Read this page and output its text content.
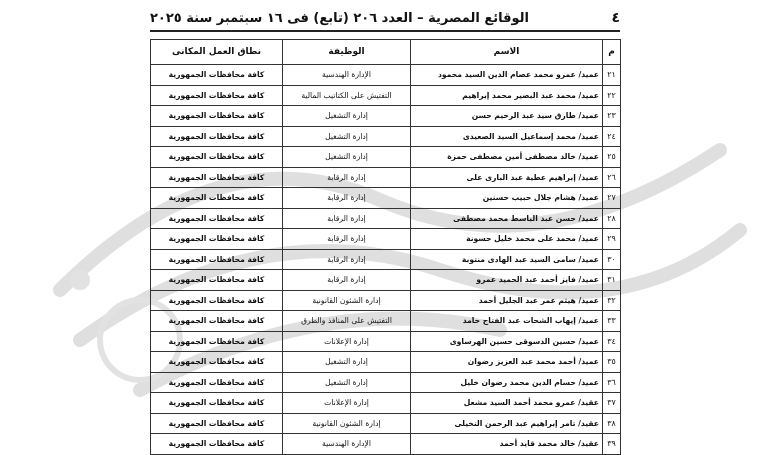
٤
الوقائع المصرية – العدد ٢٠٦ (تابع) فى ١٦ سبتمبر سنة ٢٠٢٥
م	الاسم	الوظيفة	نطاق العمل المكانى
٢١	عميد/ عمرو محمد عصام الدين السيد محمود	الإدارة الهندسية	كافة محافظات الجمهورية
٢٢	عميد/ محمد عبد البصير محمد إبراهيم	التفتيش على الكتاتيب المالية	كافة محافظات الجمهورية
٢٣	عميد/ طارق سيد عبد الرحيم حسن	إدارة التشغيل	كافة محافظات الجمهورية
٢٤	عميد/ محمد إسماعيل السيد الصعيدى	إدارة التشغيل	كافة محافظات الجمهورية
٢٥	عميد/ خالد مصطفى أمين مصطفى حمزة	إدارة التشغيل	كافة محافظات الجمهورية
٢٦	عميد/ إبراهيم عطية عبد البارى على	إدارة الرقابة	كافة محافظات الجمهورية
٢٧	عميد/ هشام جلال حبيب حسنين	إدارة الرقابة	كافة محافظات الجمهورية
٢٨	عميد/ حسن عبد الباسط محمد مصطفى	إدارة الرقابة	كافة محافظات الجمهورية
٢٩	عميد/ محمد على محمد خليل حسونة	إدارة الرقابة	كافة محافظات الجمهورية
٣٠	عميد/ سامى السيد عبد الهادى منتوبة	إدارة الرقابة	كافة محافظات الجمهورية
٣١	عميد/ فايز أحمد عبد الحميد عمرو	إدارة الرقابة	كافة محافظات الجمهورية
٣٢	عميد/ هيثم عمر عبد الجليل أحمد	إدارة الشئون القانونية	كافة محافظات الجمهورية
٣٣	عميد/ إيهاب الشحات عبد الفتاح حامد	التفتيش على المنافذ والطرق	كافة محافظات الجمهورية
٣٤	عميد/ حسين الدسوقى حسين الهرساوى	إدارة الإعلانات	كافة محافظات الجمهورية
٣٥	عميد/ أحمد محمد عبد العزيز رضوان	إدارة التشغيل	كافة محافظات الجمهورية
٣٦	عميد/ حسام الدين محمد رضوان خليل	إدارة التشغيل	كافة محافظات الجمهورية
٣٧	عقيد/ عمرو محمد أحمد السيد مشعل	إدارة الإعلانات	كافة محافظات الجمهورية
٣٨	عقيد/ تامر إبراهيم عبد الرحمن النخيلى	إدارة الشئون القانونية	كافة محافظات الجمهورية
٣٩	عقيد/ خالد محمد قايد أحمد	الإدارة الهندسية	كافة محافظات الجمهورية
